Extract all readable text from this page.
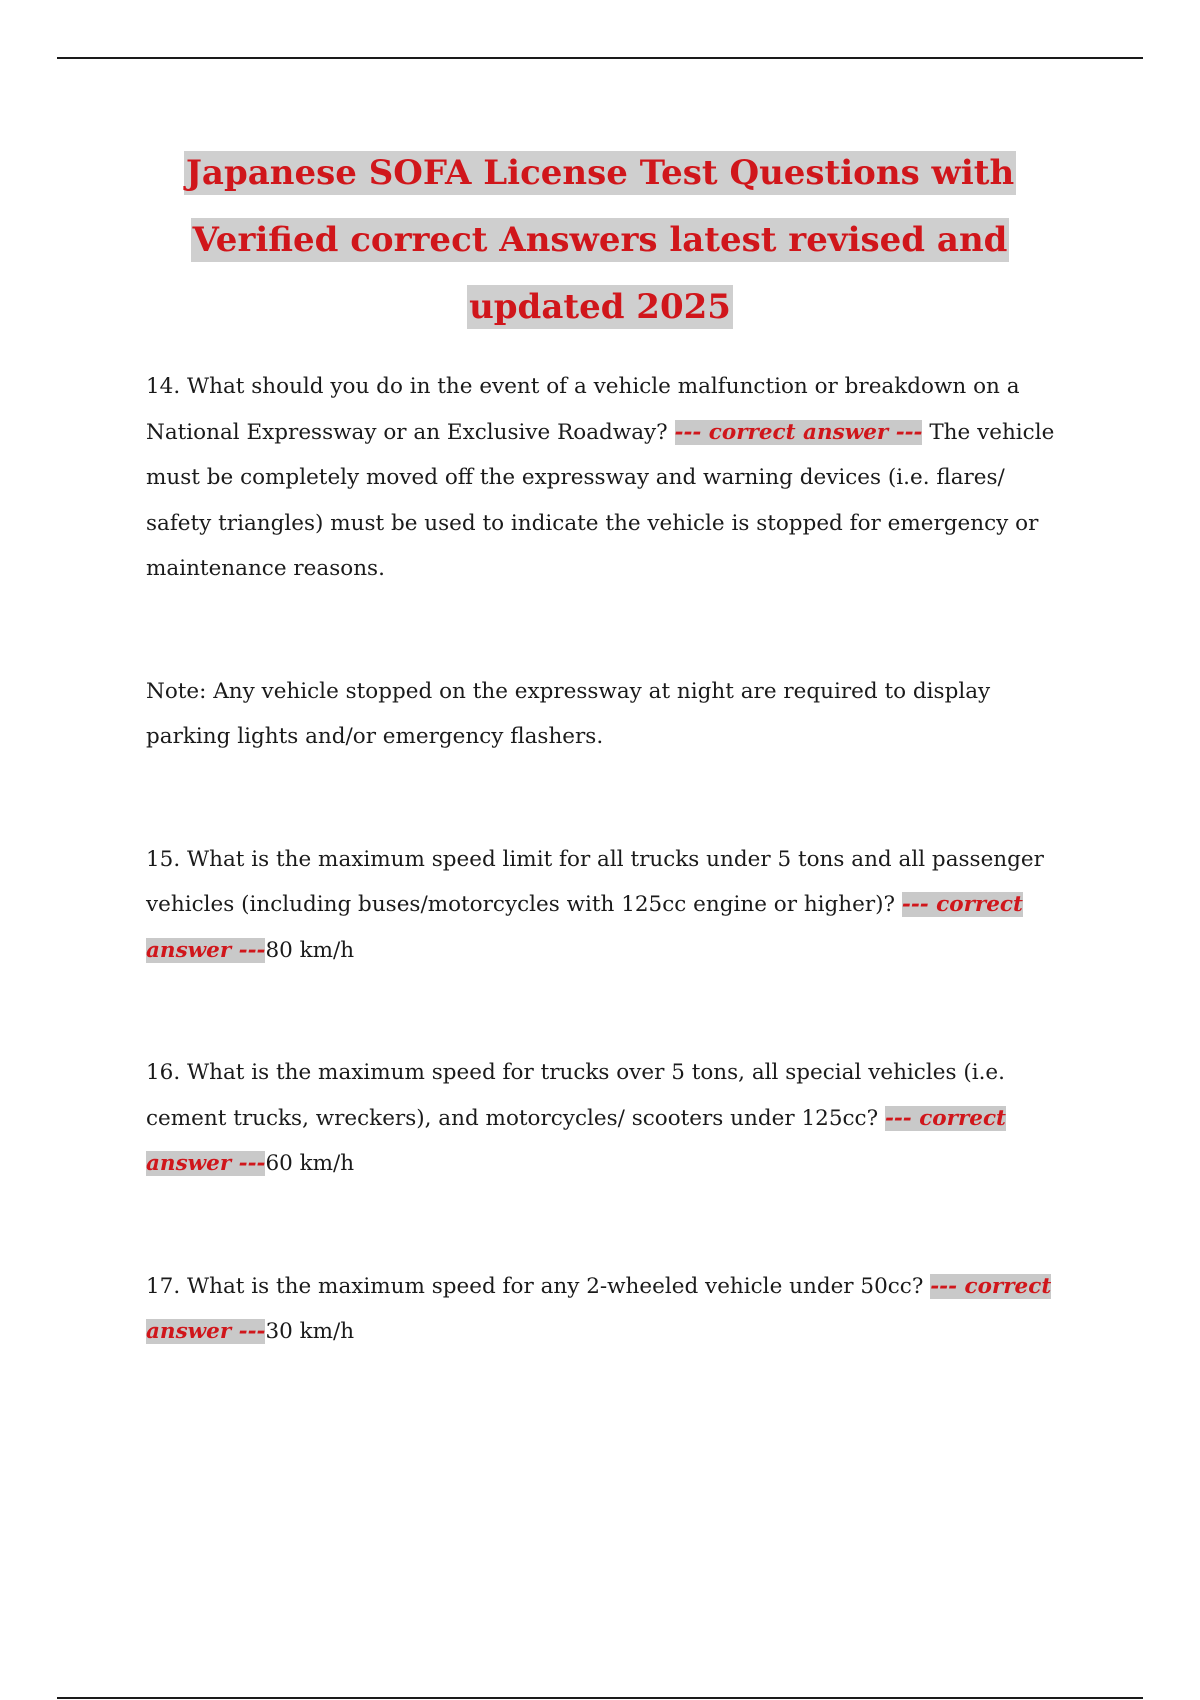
Japanese SOFA License Test Questions with
Verified correct Answers latest revised and
updated 2025

14. What should you do in the event of a vehicle malfunction or breakdown on a National Expressway or an Exclusive Roadway? --- correct answer --- The vehicle must be completely moved off the expressway and warning devices (i.e. flares/ safety triangles) must be used to indicate the vehicle is stopped for emergency or maintenance reasons.

Note: Any vehicle stopped on the expressway at night are required to display parking lights and/or emergency flashers.

15. What is the maximum speed limit for all trucks under 5 tons and all passenger vehicles (including buses/motorcycles with 125cc engine or higher)? --- correct answer ---80 km/h

16. What is the maximum speed for trucks over 5 tons, all special vehicles (i.e. cement trucks, wreckers), and motorcycles/ scooters under 125cc? --- correct answer ---60 km/h

17. What is the maximum speed for any 2-wheeled vehicle under 50cc? --- correct answer ---30 km/h
